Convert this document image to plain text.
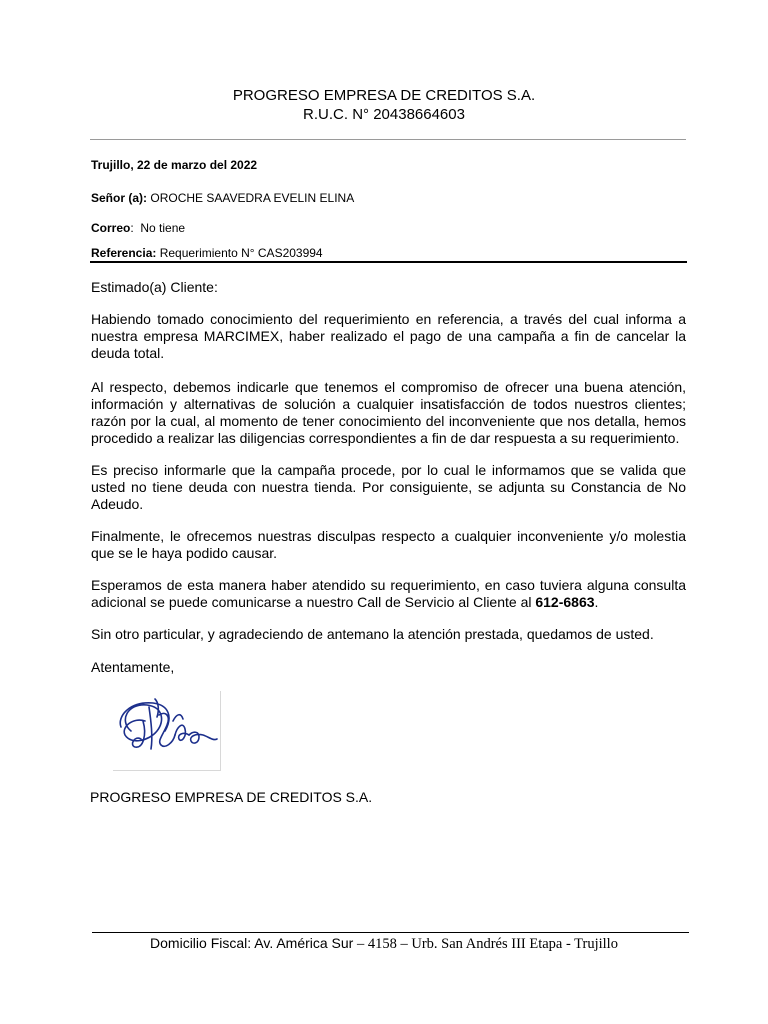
PROGRESO EMPRESA DE CREDITOS S.A.

R.U.C. N° 20438664603

Trujillo, 22 de marzo del 2022
Señor (a): OROCHE SAAVEDRA EVELIN ELINA
Correo:  No tiene
Referencia: Requerimiento N° CAS203994

Estimado(a) Cliente:

Habiendo tomado conocimiento del requerimiento en referencia, a través del cual informa a nuestra empresa MARCIMEX, haber realizado el pago de una campaña a fin de cancelar la deuda total.

Al respecto, debemos indicarle que tenemos el compromiso de ofrecer una buena atención, información y alternativas de solución a cualquier insatisfacción de todos nuestros clientes; razón por la cual, al momento de tener conocimiento del inconveniente que nos detalla, hemos procedido a realizar las diligencias correspondientes a fin de dar respuesta a su requerimiento.

Es preciso informarle que la campaña procede, por lo cual le informamos que se valida que usted no tiene deuda con nuestra tienda. Por consiguiente, se adjunta su Constancia de No Adeudo.

Finalmente, le ofrecemos nuestras disculpas respecto a cualquier inconveniente y/o molestia que se le haya podido causar.

Esperamos de esta manera haber atendido su requerimiento, en caso tuviera alguna consulta adicional se puede comunicarse a nuestro Call de Servicio al Cliente al 612-6863.

Sin otro particular, y agradeciendo de antemano la atención prestada, quedamos de usted.

Atentamente,

PROGRESO EMPRESA DE CREDITOS S.A.
Domicilio Fiscal: Av. América Sur – 4158 – Urb. San Andrés III Etapa - Trujillo
